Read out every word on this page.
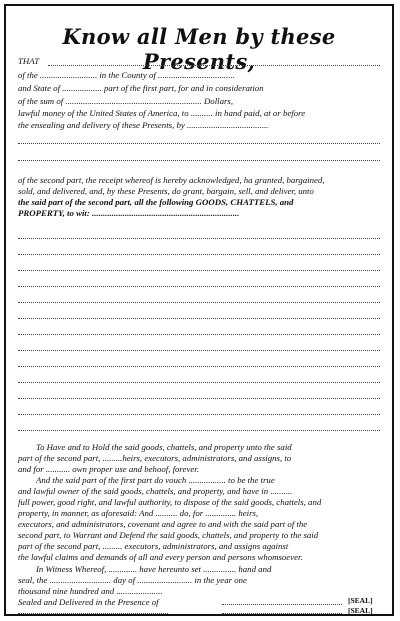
Know all Men by these Presents,
THAT
of the .......................... in the County of ...................................
and State of .................. part of the first part, for and in consideration
of the sum of .............................................................. Dollars,
lawful money of the United States of America, to .......... in hand paid, at or before
the ensealing and delivery of these Presents, by .....................................
of the second part, the receipt whereof is hereby acknowledged, ha granted, bargained,
sold, and delivered, and, by these Presents, do grant, bargain, sell, and deliver, unto
the said part of the second part, all the following GOODS, CHATTELS, and
PROPERTY, to wit: ...................................................................
To Have and to Hold the said goods, chattels, and property unto the said
part of the second part, .........heirs, executors, administrators, and assigns, to
and for ........... own proper use and behoof, forever.
And the said part of the first part do vouch ................. to be the true
and lawful owner of the said goods, chattels, and property, and have in ..........
full power, good right, and lawful authority, to dispose of the said goods, chattels, and
property, in manner, as aforesaid: And .......... do, for .............. heirs,
executors, and administrators, covenant and agree to and with the said part of the
second part, to Warrant and Defend the said goods, chattels, and property to the said
part of the second part, ......... executors, administrators, and assigns against
the lawful claims and demands of all and every person and persons whomsoever.
In Witness Whereof, ............. have hereunto set ............... hand and
seal, the ............................ day of ......................... in the year one
thousand nine hundred and .....................
Sealed and Delivered in the Presence of	[SEAL]
[SEAL]
